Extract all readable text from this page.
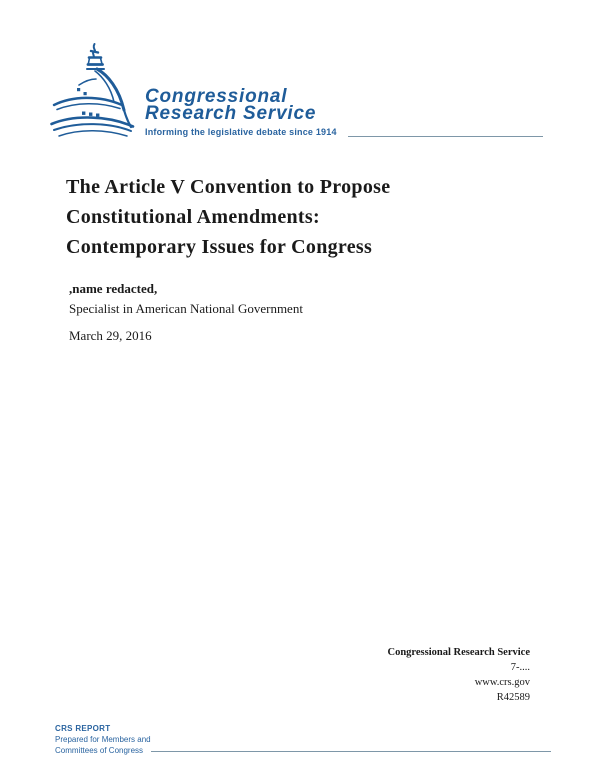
Congressional
Research Service
Informing the legislative debate since 1914
The Article V Convention to Propose
Constitutional Amendments:
Contemporary Issues for Congress
,name redacted,
Specialist in American National Government
March 29, 2016
Congressional Research Service
7-....
www.crs.gov
R42589
CRS REPORT
Prepared for Members and
Committees of Congress
